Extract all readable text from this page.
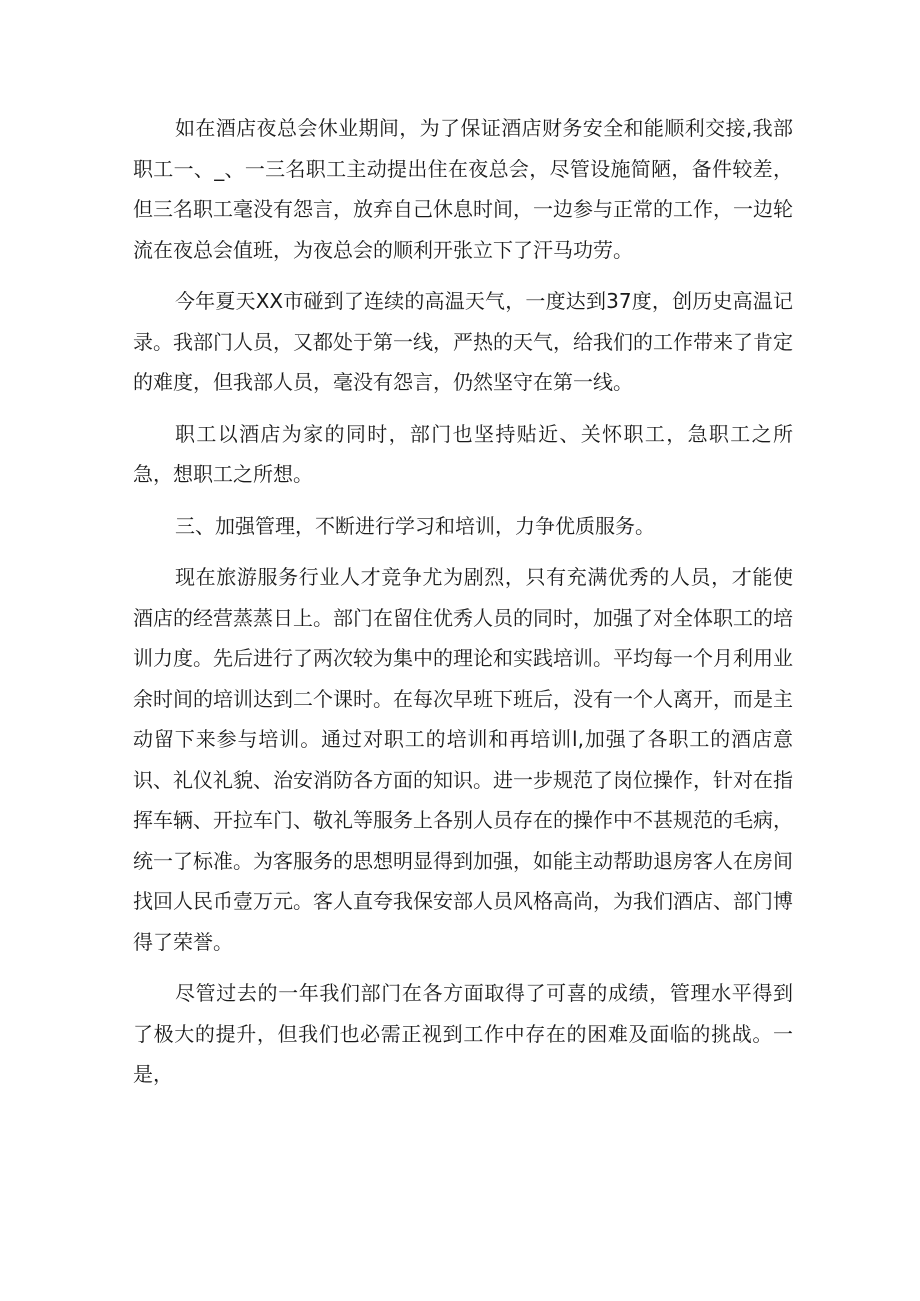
如在酒店夜总会休业期间，为了保证酒店财务安全和能顺利交接,我部职工一、_、一三名职工主动提出住在夜总会，尽管设施简陋，备件较差，但三名职工毫没有怨言，放弃自己休息时间，一边参与正常的工作，一边轮流在夜总会值班，为夜总会的顺利开张立下了汗马功劳。

今年夏天XX市碰到了连续的高温天气，一度达到37度，创历史高温记录。我部门人员，又都处于第一线，严热的天气，给我们的工作带来了肯定的难度，但我部人员，毫没有怨言，仍然坚守在第一线。

职工以酒店为家的同时，部门也坚持贴近、关怀职工，急职工之所急，想职工之所想。

三、加强管理，不断进行学习和培训，力争优质服务。

现在旅游服务行业人才竞争尤为剧烈，只有充满优秀的人员，才能使酒店的经营蒸蒸日上。部门在留住优秀人员的同时，加强了对全体职工的培训力度。先后进行了两次较为集中的理论和实践培训。平均每一个月利用业余时间的培训达到二个课时。在每次早班下班后，没有一个人离开，而是主动留下来参与培训。通过对职工的培训和再培训l,加强了各职工的酒店意识、礼仪礼貌、治安消防各方面的知识。进一步规范了岗位操作，针对在指挥车辆、开拉车门、敬礼等服务上各别人员存在的操作中不甚规范的毛病，统一了标准。为客服务的思想明显得到加强，如能主动帮助退房客人在房间找回人民币壹万元。客人直夸我保安部人员风格高尚，为我们酒店、部门博得了荣誉。

尽管过去的一年我们部门在各方面取得了可喜的成绩，管理水平得到了极大的提升，但我们也必需正视到工作中存在的困难及面临的挑战。一是，
